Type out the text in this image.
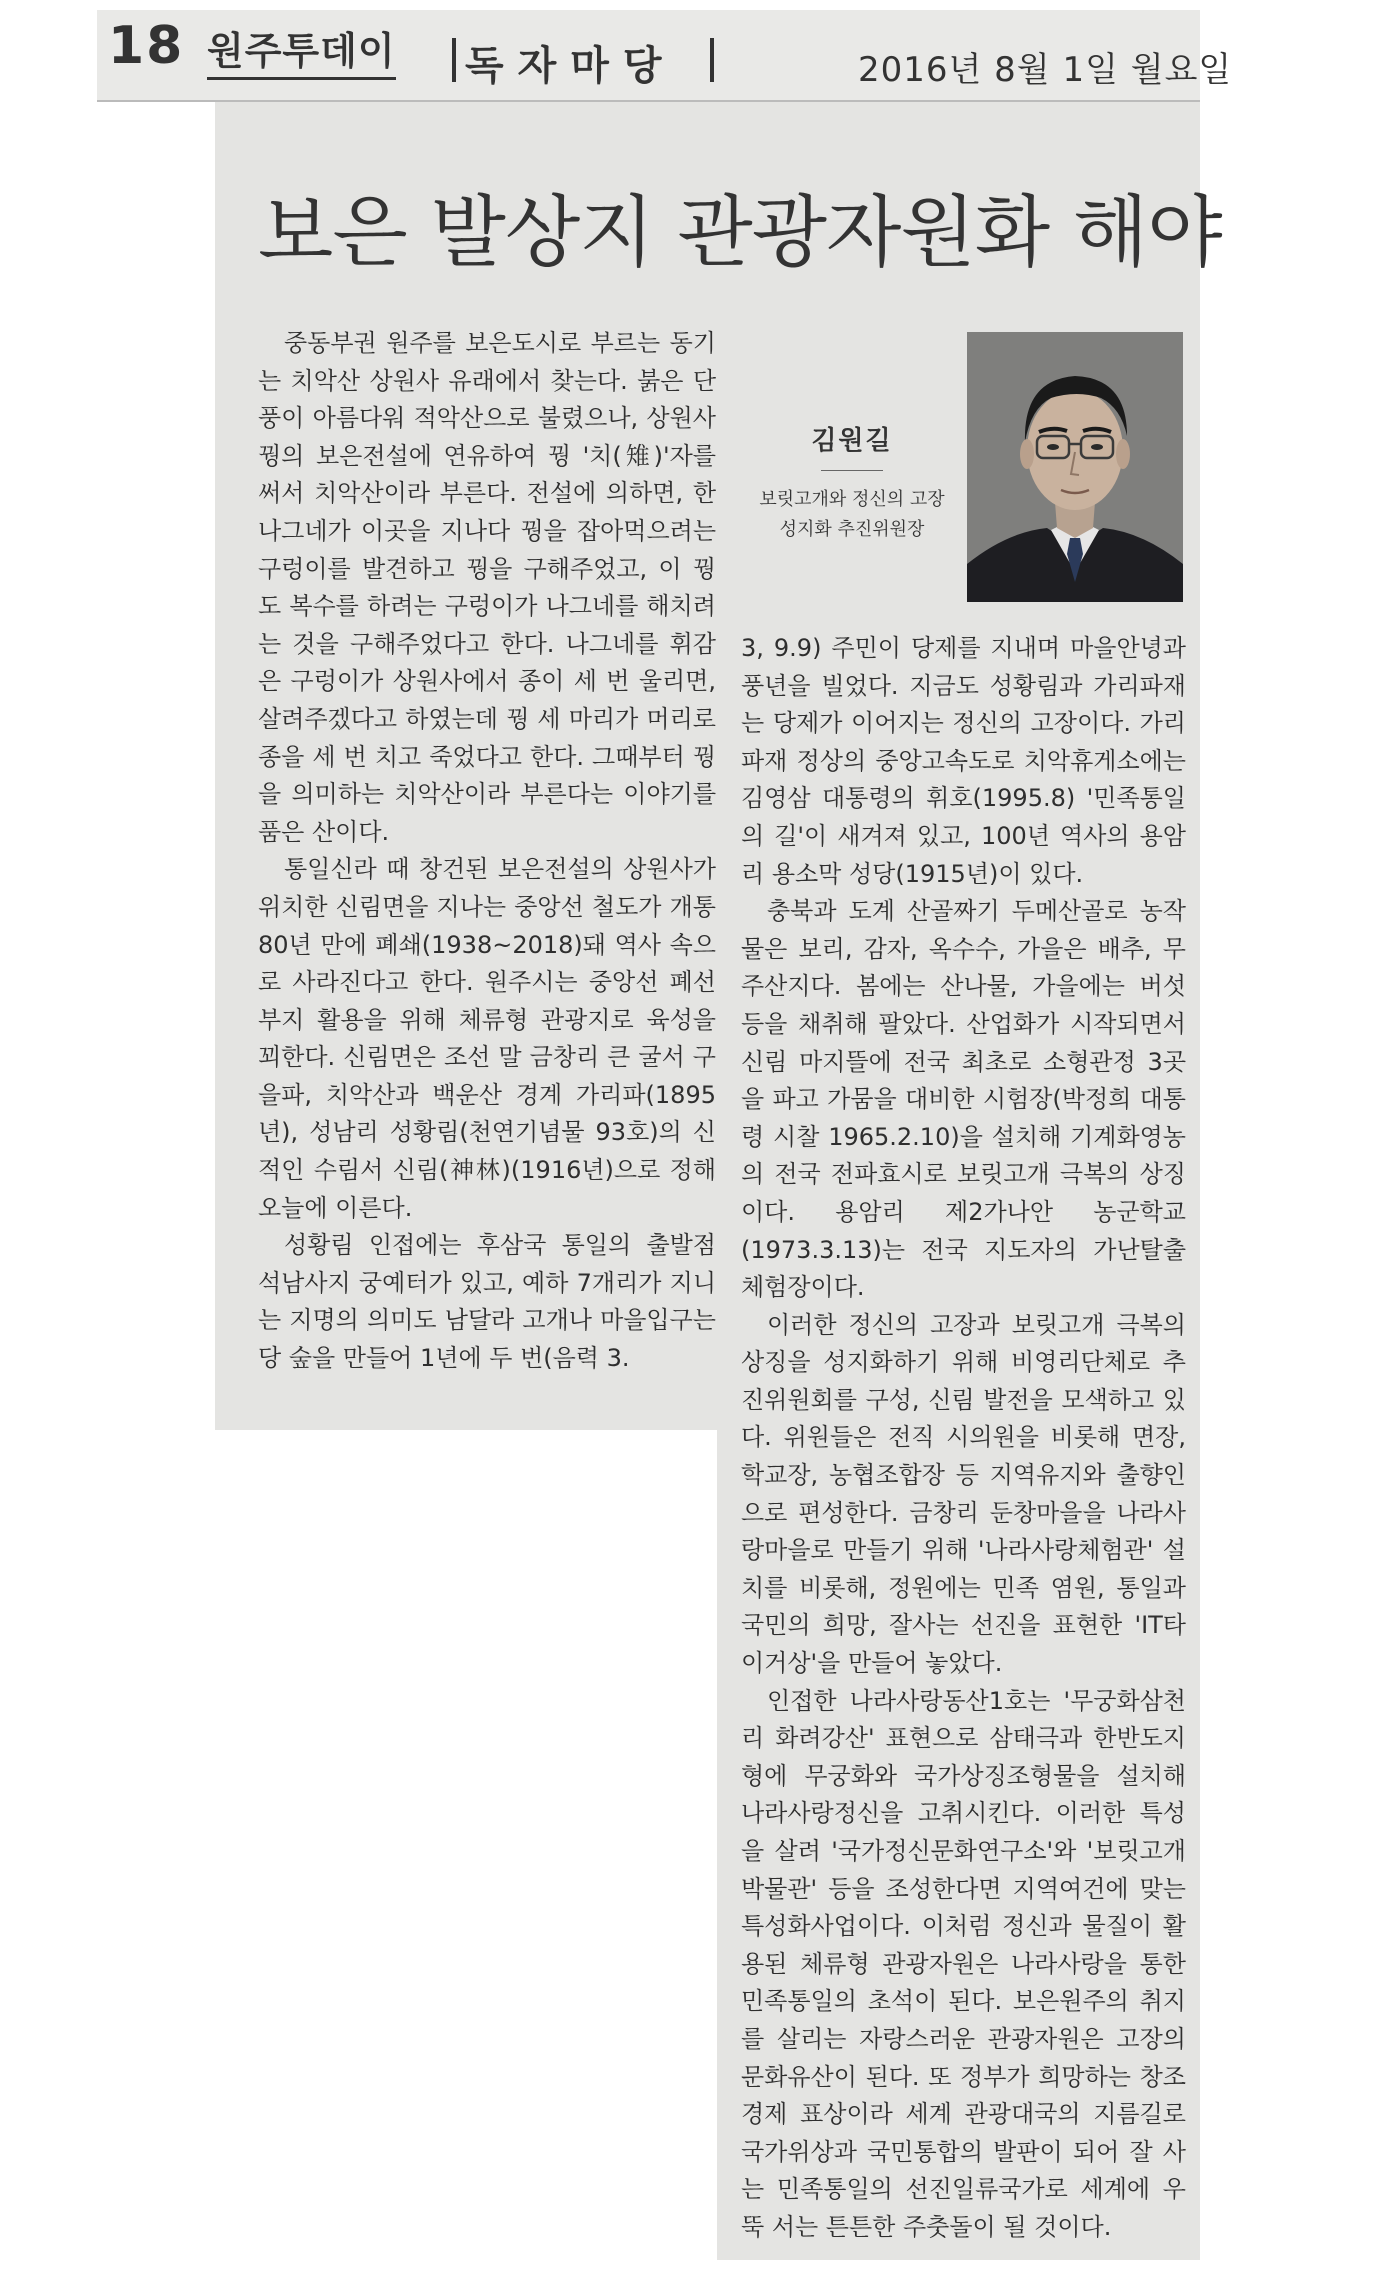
18 원주투데이 독자마당	2016년 8월 1일 월요일
보은 발상지 관광자원화 해야

중동부권 원주를 보은도시로 부르는 동기는 치악산 상원사 유래에서 찾는다. 붉은 단풍이 아름다워 적악산으로 불렸으나, 상원사 꿩의 보은전설에 연유하여 꿩 '치(雉)'자를 써서 치악산이라 부른다. 전설에 의하면, 한 나그네가 이곳을 지나다 꿩을 잡아먹으려는 구렁이를 발견하고 꿩을 구해주었고, 이 꿩도 복수를 하려는 구렁이가 나그네를 해치려는 것을 구해주었다고 한다. 나그네를 휘감은 구렁이가 상원사에서 종이 세 번 울리면, 살려주겠다고 하였는데 꿩 세 마리가 머리로 종을 세 번 치고 죽었다고 한다. 그때부터 꿩을 의미하는 치악산이라 부른다는 이야기를 품은 산이다.

통일신라 때 창건된 보은전설의 상원사가 위치한 신림면을 지나는 중앙선 철도가 개통 80년 만에 폐쇄(1938~2018)돼 역사 속으로 사라진다고 한다. 원주시는 중앙선 폐선부지 활용을 위해 체류형 관광지로 육성을 꾀한다. 신림면은 조선 말 금창리 큰 굴서 구을파, 치악산과 백운산 경계 가리파(1895년), 성남리 성황림(천연기념물 93호)의 신적인 수림서 신림(神林)(1916년)으로 정해 오늘에 이른다.

성황림 인접에는 후삼국 통일의 출발점 석남사지 궁예터가 있고, 예하 7개리가 지니는 지명의 의미도 남달라 고개나 마을입구는 당 숲을 만들어 1년에 두 번(음력 3.

김원길
보릿고개와 정신의 고장
성지화 추진위원장

3, 9.9) 주민이 당제를 지내며 마을안녕과 풍년을 빌었다. 지금도 성황림과 가리파재는 당제가 이어지는 정신의 고장이다. 가리파재 정상의 중앙고속도로 치악휴게소에는 김영삼 대통령의 휘호(1995.8) '민족통일의 길'이 새겨져 있고, 100년 역사의 용암리 용소막 성당(1915년)이 있다.

충북과 도계 산골짜기 두메산골로 농작물은 보리, 감자, 옥수수, 가을은 배추, 무 주산지다. 봄에는 산나물, 가을에는 버섯 등을 채취해 팔았다. 산업화가 시작되면서 신림 마지뜰에 전국 최초로 소형관정 3곳을 파고 가뭄을 대비한 시험장(박정희 대통령 시찰 1965.2.10)을 설치해 기계화영농의 전국 전파효시로 보릿고개 극복의 상징이다. 용암리 제2가나안 농군학교(1973.3.13)는 전국 지도자의 가난탈출 체험장이다.

이러한 정신의 고장과 보릿고개 극복의 상징을 성지화하기 위해 비영리단체로 추진위원회를 구성, 신림 발전을 모색하고 있다. 위원들은 전직 시의원을 비롯해 면장, 학교장, 농협조합장 등 지역유지와 출향인으로 편성한다. 금창리 둔창마을을 나라사랑마을로 만들기 위해 '나라사랑체험관' 설치를 비롯해, 정원에는 민족 염원, 통일과 국민의 희망, 잘사는 선진을 표현한 'IT타이거상'을 만들어 놓았다.

인접한 나라사랑동산1호는 '무궁화삼천리 화려강산' 표현으로 삼태극과 한반도지형에 무궁화와 국가상징조형물을 설치해 나라사랑정신을 고취시킨다. 이러한 특성을 살려 '국가정신문화연구소'와 '보릿고개박물관' 등을 조성한다면 지역여건에 맞는 특성화사업이다. 이처럼 정신과 물질이 활용된 체류형 관광자원은 나라사랑을 통한 민족통일의 초석이 된다. 보은원주의 취지를 살리는 자랑스러운 관광자원은 고장의 문화유산이 된다. 또 정부가 희망하는 창조경제 표상이라 세계 관광대국의 지름길로 국가위상과 국민통합의 발판이 되어 잘 사는 민족통일의 선진일류국가로 세계에 우뚝 서는 튼튼한 주춧돌이 될 것이다.
